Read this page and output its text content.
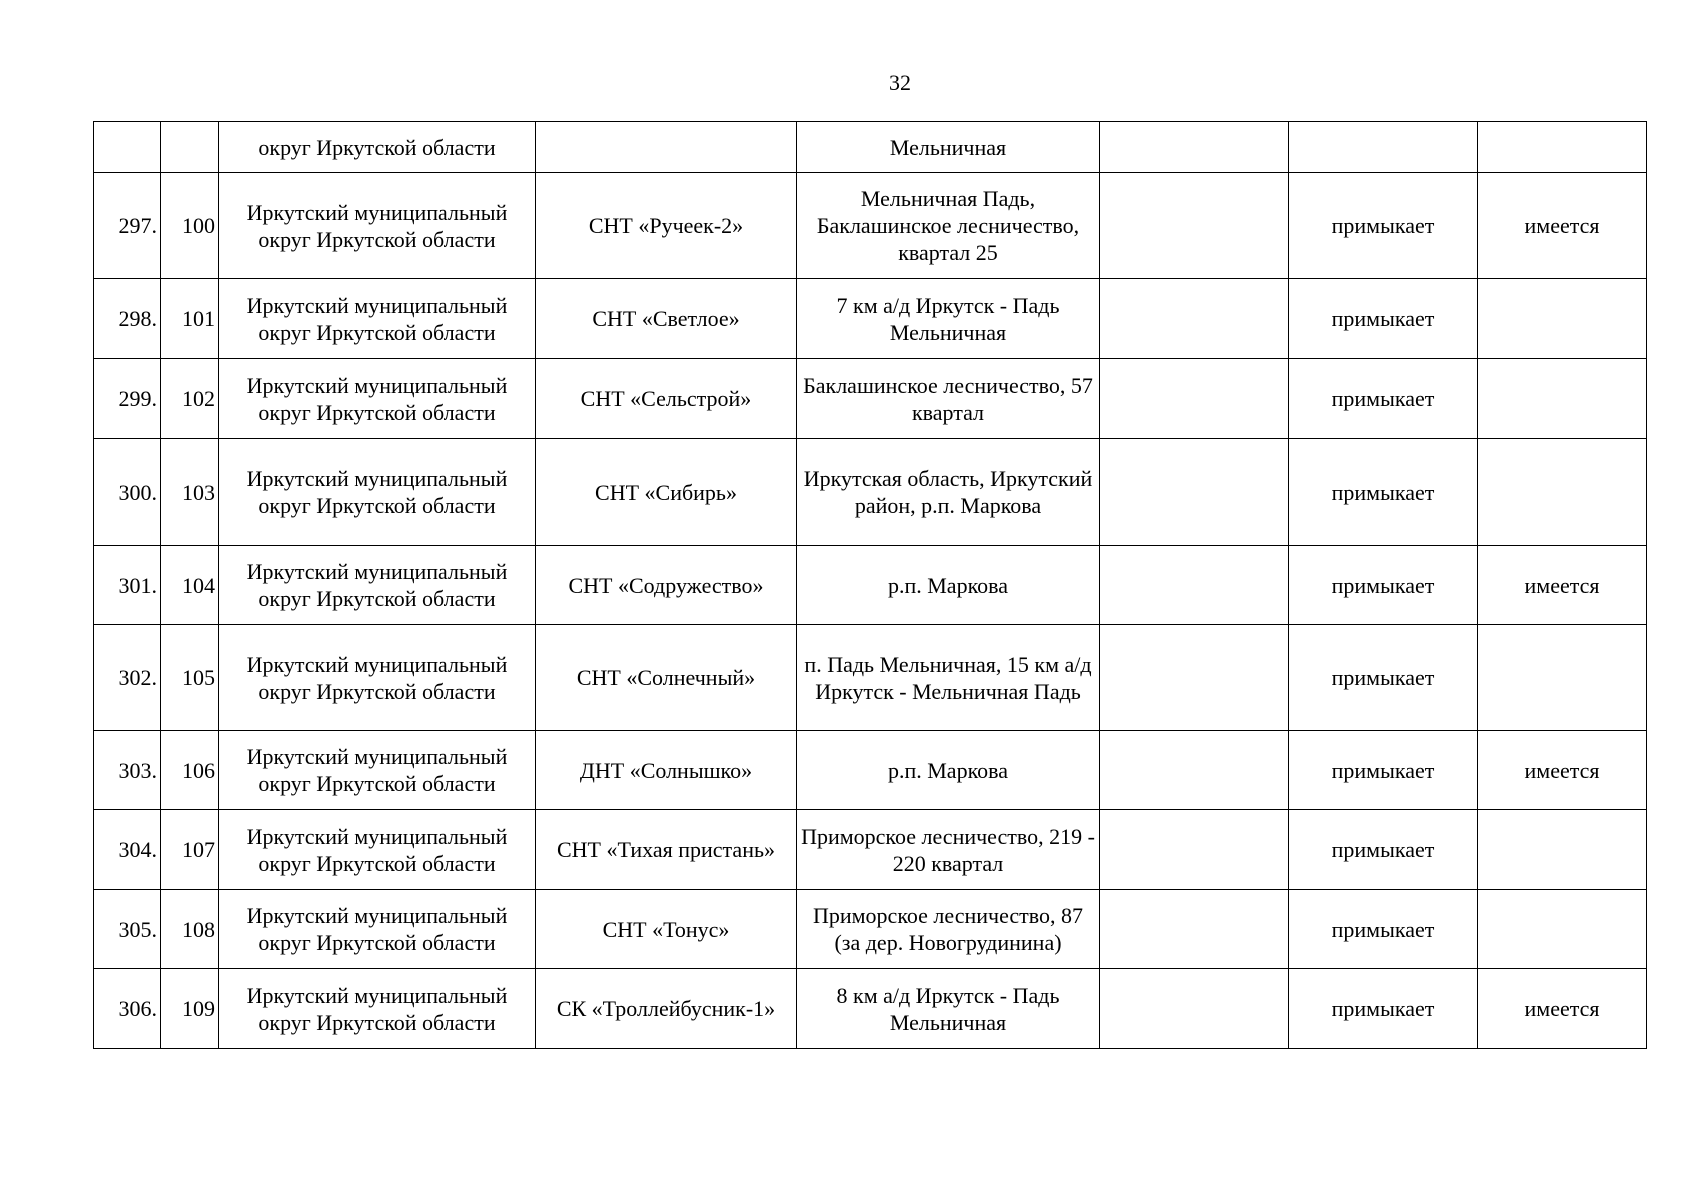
32
		округ Иркутской области		Мельничная			
297.	100	Иркутский муниципальный округ Иркутской области	СНТ «Ручеек-2»	Мельничная Падь, Баклашинское лесничество, квартал 25		примыкает	имеется
298.	101	Иркутский муниципальный округ Иркутской области	СНТ «Светлое»	7 км а/д Иркутск - Падь Мельничная		примыкает	
299.	102	Иркутский муниципальный округ Иркутской области	СНТ «Сельстрой»	Баклашинское лесничество, 57 квартал		примыкает	
300.	103	Иркутский муниципальный округ Иркутской области	СНТ «Сибирь»	Иркутская область, Иркутский район, р.п. Маркова		примыкает	
301.	104	Иркутский муниципальный округ Иркутской области	СНТ «Содружество»	р.п. Маркова		примыкает	имеется
302.	105	Иркутский муниципальный округ Иркутской области	СНТ «Солнечный»	п. Падь Мельничная, 15 км а/д Иркутск - Мельничная Падь		примыкает	
303.	106	Иркутский муниципальный округ Иркутской области	ДНТ «Солнышко»	р.п. Маркова		примыкает	имеется
304.	107	Иркутский муниципальный округ Иркутской области	СНТ «Тихая пристань»	Приморское лесничество, 219 - 220 квартал		примыкает	
305.	108	Иркутский муниципальный округ Иркутской области	СНТ «Тонус»	Приморское лесничество, 87 (за дер. Новогрудинина)		примыкает	
306.	109	Иркутский муниципальный округ Иркутской области	СК «Троллейбусник-1»	8 км а/д Иркутск - Падь Мельничная		примыкает	имеется
